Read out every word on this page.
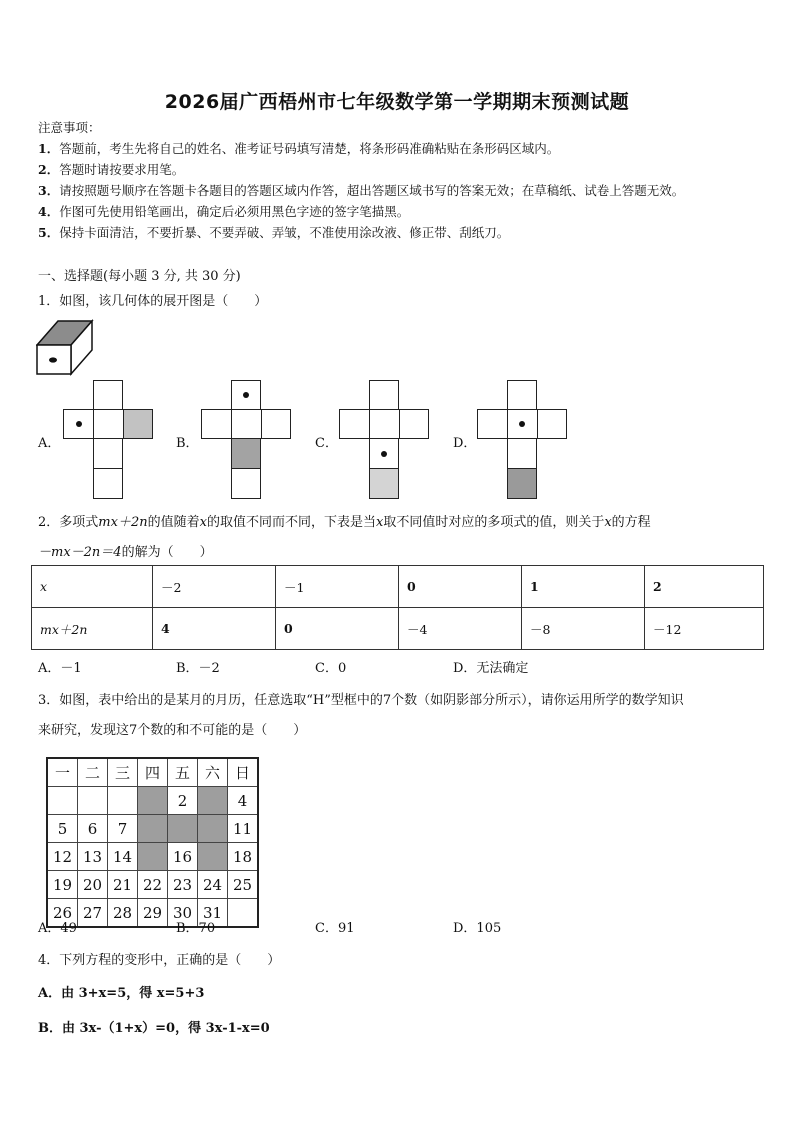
2026届广西梧州市七年级数学第一学期期末预测试题
注意事项：
1．答题前，考生先将自己的姓名、准考证号码填写清楚，将条形码准确粘贴在条形码区域内。
2．答题时请按要求用笔。
3．请按照题号顺序在答题卡各题目的答题区域内作答，超出答题区域书写的答案无效；在草稿纸、试卷上答题无效。
4．作图可先使用铅笔画出，确定后必须用黑色字迹的签字笔描黑。
5．保持卡面清洁，不要折暴、不要弄破、弄皱，不准使用涂改液、修正带、刮纸刀。
一、选择题(每小题 3 分, 共 30 分)
1．如图，该几何体的展开图是（　　）
A．	B．	C．	D．
2．多项式mx＋2n的值随着x的取值不同而不同，下表是当x取不同值时对应的多项式的值，则关于x的方程
－mx－2n＝4的解为（　　）
x	－2	－1	0	1	2
mx＋2n	4	0	－4	－8	－12
A．－1	B．－2	C．0	D．无法确定
3．如图，表中给出的是某月的月历，任意选取“H”型框中的7个数（如阴影部分所示），请你运用所学的数学知识
来研究，发现这7个数的和不可能的是（　　）
一	二	三	四	五	六	日
				2		4
5	6	7				11
12	13	14		16		18
19	20	21	22	23	24	25
26	27	28	29	30	31	
A．49	B．70	C．91	D．105
4．下列方程的变形中，正确的是（　　）
A．由 3+x=5，得 x=5+3
B．由 3x-（1+x）=0，得 3x-1-x=0
